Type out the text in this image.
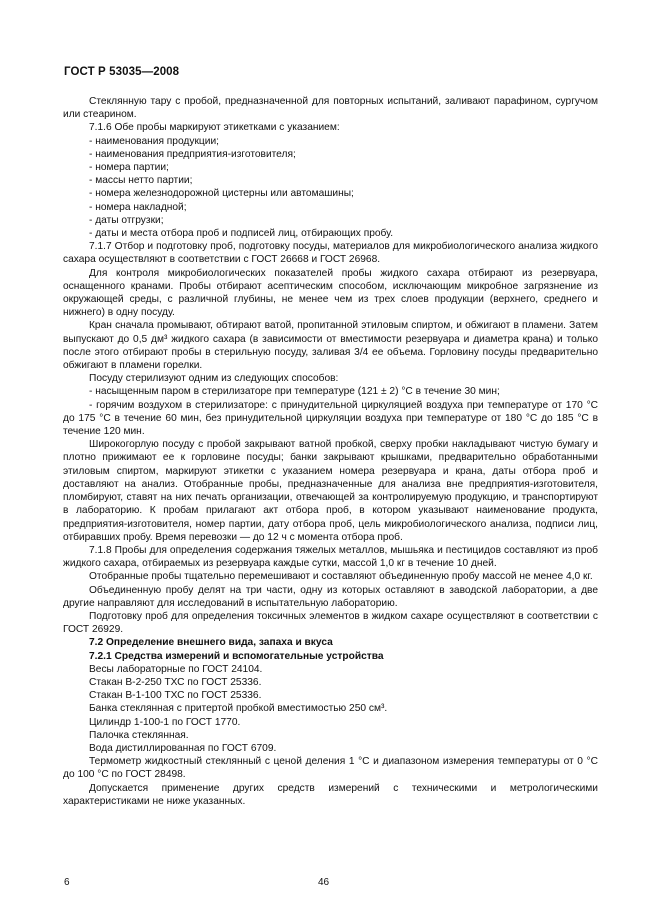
ГОСТ Р 53035—2008

Стеклянную тару с пробой, предназначенной для повторных испытаний, заливают парафином, сургучом или стеарином.

7.1.6 Обе пробы маркируют этикетками с указанием:

- наименования продукции;

- наименования предприятия-изготовителя;

- номера партии;

- массы нетто партии;

- номера железнодорожной цистерны или автомашины;

- номера накладной;

- даты отгрузки;

- даты и места отбора проб и подписей лиц, отбирающих пробу.

7.1.7 Отбор и подготовку проб, подготовку посуды, материалов для микробиологического анализа жидкого сахара осуществляют в соответствии с ГОСТ 26668 и ГОСТ 26968.

Для контроля микробиологических показателей пробы жидкого сахара отбирают из резервуара, оснащенного кранами. Пробы отбирают асептическим способом, исключающим микробное загрязнение из окружающей среды, с различной глубины, не менее чем из трех слоев продукции (верхнего, среднего и нижнего) в одну посуду.

Кран сначала промывают, обтирают ватой, пропитанной этиловым спиртом, и обжигают в пламени. Затем выпускают до 0,5 дм³ жидкого сахара (в зависимости от вместимости резервуара и диаметра крана) и только после этого отбирают пробы в стерильную посуду, заливая 3/4 ее объема. Горловину посуды предварительно обжигают в пламени горелки.

Посуду стерилизуют одним из следующих способов:

- насыщенным паром в стерилизаторе при температуре (121 ± 2) °С в течение 30 мин;

- горячим воздухом в стерилизаторе: с принудительной циркуляцией воздуха при температуре от 170 °С до 175 °С в течение 60 мин, без принудительной циркуляции воздуха при температуре от 180 °С до 185 °С в течение 120 мин.

Широкогорлую посуду с пробой закрывают ватной пробкой, сверху пробки накладывают чистую бумагу и плотно прижимают ее к горловине посуды; банки закрывают крышками, предварительно обработанными этиловым спиртом, маркируют этикетки с указанием номера резервуара и крана, даты отбора проб и доставляют на анализ. Отобранные пробы, предназначенные для анализа вне предприятия-изготовителя, пломбируют, ставят на них печать организации, отвечающей за контролируемую продукцию, и транспортируют в лабораторию. К пробам прилагают акт отбора проб, в котором указывают наименование продукта, предприятия-изготовителя, номер партии, дату отбора проб, цель микробиологического анализа, подписи лиц, отбиравших пробу. Время перевозки — до 12 ч с момента отбора проб.

7.1.8 Пробы для определения содержания тяжелых металлов, мышьяка и пестицидов составляют из проб жидкого сахара, отбираемых из резервуара каждые сутки, массой 1,0 кг в течение 10 дней.

Отобранные пробы тщательно перемешивают и составляют объединенную пробу массой не менее 4,0 кг.

Объединенную пробу делят на три части, одну из которых оставляют в заводской лаборатории, а две другие направляют для исследований в испытательную лабораторию.

Подготовку проб для определения токсичных элементов в жидком сахаре осуществляют в соответствии с ГОСТ 26929.

7.2 Определение внешнего вида, запаха и вкуса

7.2.1 Средства измерений и вспомогательные устройства

Весы лабораторные по ГОСТ 24104.

Стакан В-2-250 ТХС по ГОСТ 25336.

Стакан В-1-100 ТХС по ГОСТ 25336.

Банка стеклянная с притертой пробкой вместимостью 250 см³.

Цилиндр 1-100-1 по ГОСТ 1770.

Палочка стеклянная.

Вода дистиллированная по ГОСТ 6709.

Термометр жидкостный стеклянный с ценой деления 1 °С и диапазоном измерения температуры от 0 °С до 100 °С по ГОСТ 28498.

Допускается применение других средств измерений с техническими и метрологическими характеристиками не ниже указанных.

6	46
